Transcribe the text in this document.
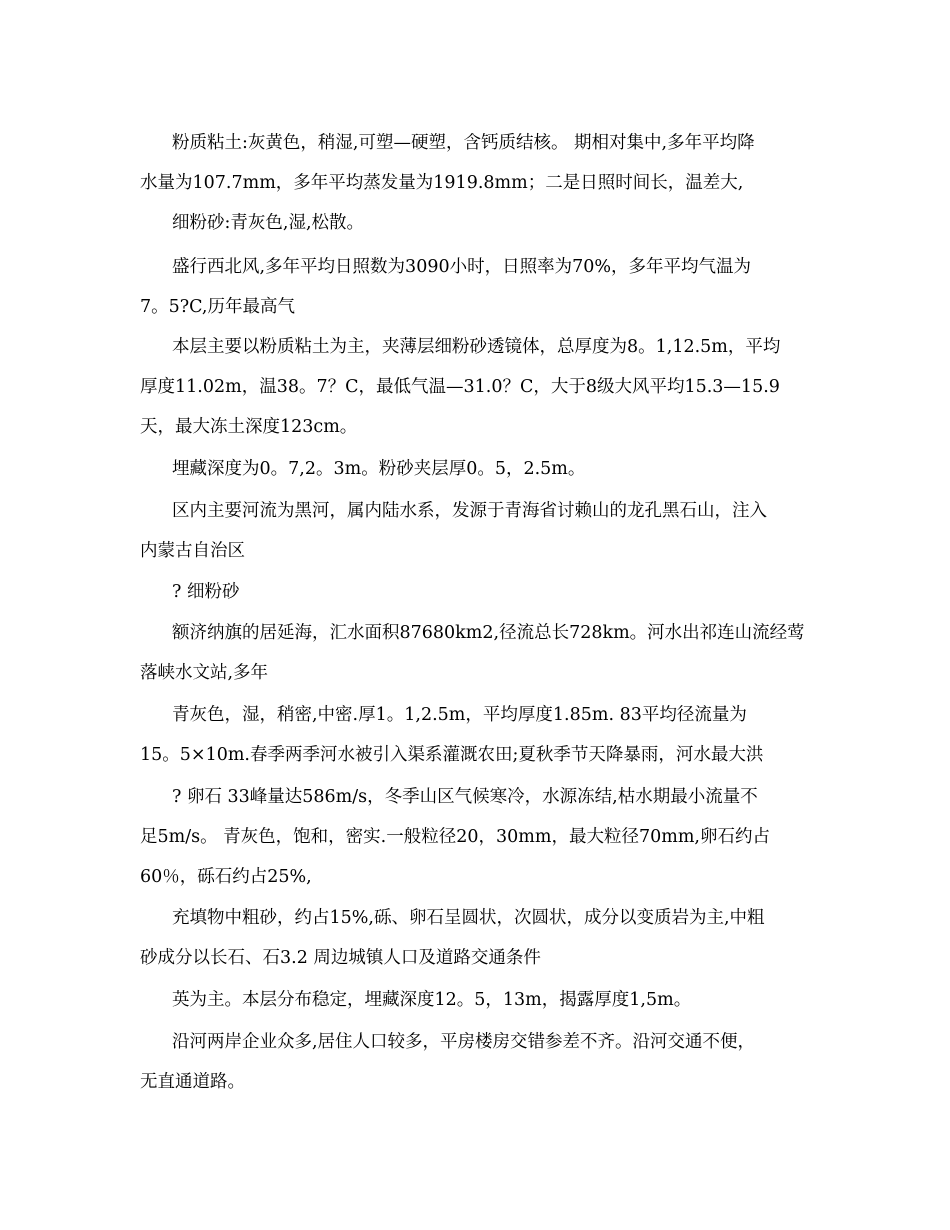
粉质粘土:灰黄色，稍湿,可塑—硬塑，含钙质结核。 期相对集中,多年平均降
水量为107.7mm，多年平均蒸发量为1919.8mm；二是日照时间长，温差大,
细粉砂:青灰色,湿,松散。
盛行西北风,多年平均日照数为3090小时，日照率为70%，多年平均气温为
7。5?C,历年最高气
本层主要以粉质粘土为主，夹薄层细粉砂透镜体，总厚度为8。1,12.5m，平均
厚度11.02m，温38。7？C，最低气温—31.0？C，大于8级大风平均15.3—15.9
天，最大冻土深度123cm。
埋藏深度为0。7,2。3m。粉砂夹层厚0。5，2.5m。
区内主要河流为黑河，属内陆水系，发源于青海省讨赖山的龙孔黑石山，注入
内蒙古自治区
? 细粉砂
额济纳旗的居延海，汇水面积87680km2,径流总长728km。河水出祁连山流经莺
落峡水文站,多年
青灰色，湿，稍密,中密.厚1。1,2.5m，平均厚度1.85m. 83平均径流量为
15。5×10m.春季两季河水被引入渠系灌溉农田;夏秋季节天降暴雨，河水最大洪
? 卵石 33峰量达586m/s，冬季山区气候寒冷，水源冻结,枯水期最小流量不
足5m/s。 青灰色，饱和，密实.一般粒径20，30mm，最大粒径70mm,卵石约占
60％，砾石约占25%,
充填物中粗砂，约占15%,砾、卵石呈圆状，次圆状，成分以变质岩为主,中粗
砂成分以长石、石3.2 周边城镇人口及道路交通条件
英为主。本层分布稳定，埋藏深度12。5，13m，揭露厚度1,5m。
沿河两岸企业众多,居住人口较多，平房楼房交错参差不齐。沿河交通不便，
无直通道路。
